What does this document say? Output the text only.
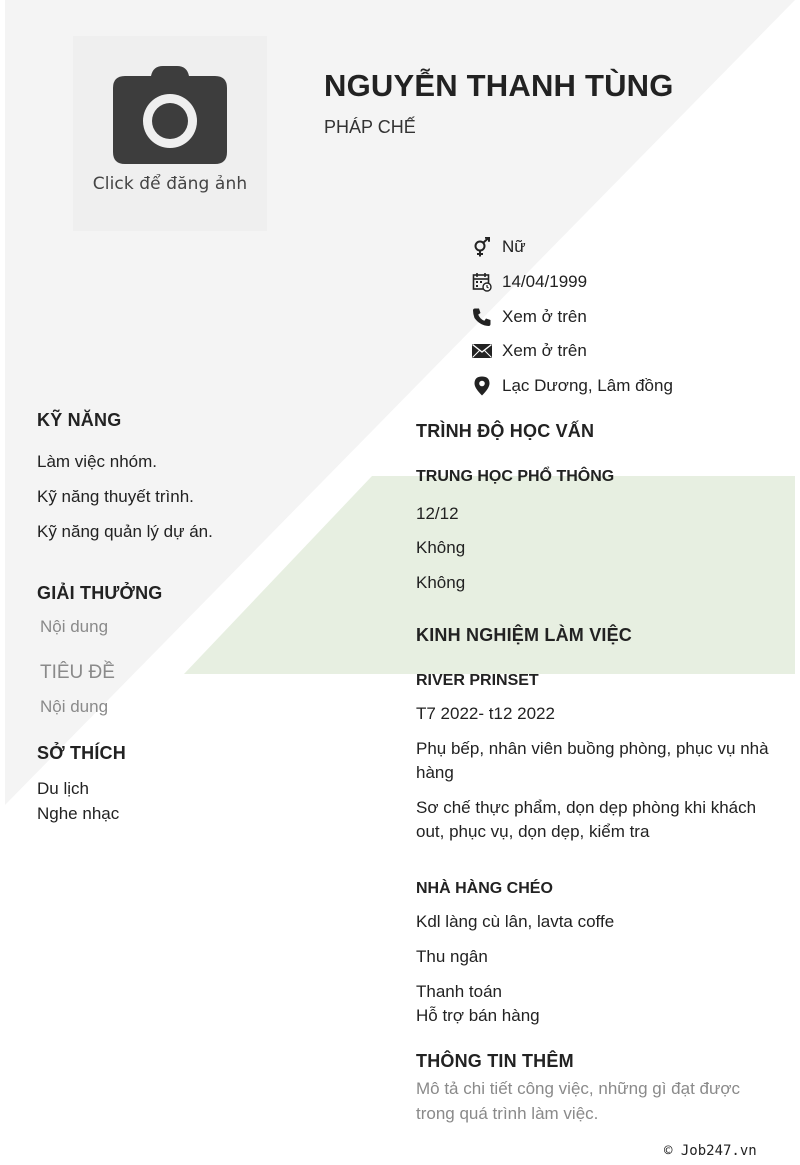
Click để đăng ảnh
NGUYỄN THANH TÙNG
PHÁP CHẾ
Nữ
14/04/1999
Xem ở trên
Xem ở trên
Lạc Dương, Lâm đồng
KỸ NĂNG
Làm việc nhóm.
Kỹ năng thuyết trình.
Kỹ năng quản lý dự án.
GIẢI THƯỞNG
Nội dung
TIÊU ĐỀ
Nội dung
SỞ THÍCH
Du lịch
Nghe nhạc
TRÌNH ĐỘ HỌC VẤN
TRUNG HỌC PHỔ THÔNG
12/12
Không
Không
KINH NGHIỆM LÀM VIỆC
RIVER PRINSET
T7 2022- t12 2022
Phụ bếp, nhân viên buồng phòng, phục vụ nhà hàng
Sơ chế thực phẩm, dọn dẹp phòng khi khách out, phục vụ, dọn dẹp, kiểm tra
NHÀ HÀNG CHÉO
Kdl làng cù lân, lavta coffe
Thu ngân
Thanh toán
Hỗ trợ bán hàng
THÔNG TIN THÊM
Mô tả chi tiết công việc, những gì đạt được trong quá trình làm việc.
© Job247.vn
